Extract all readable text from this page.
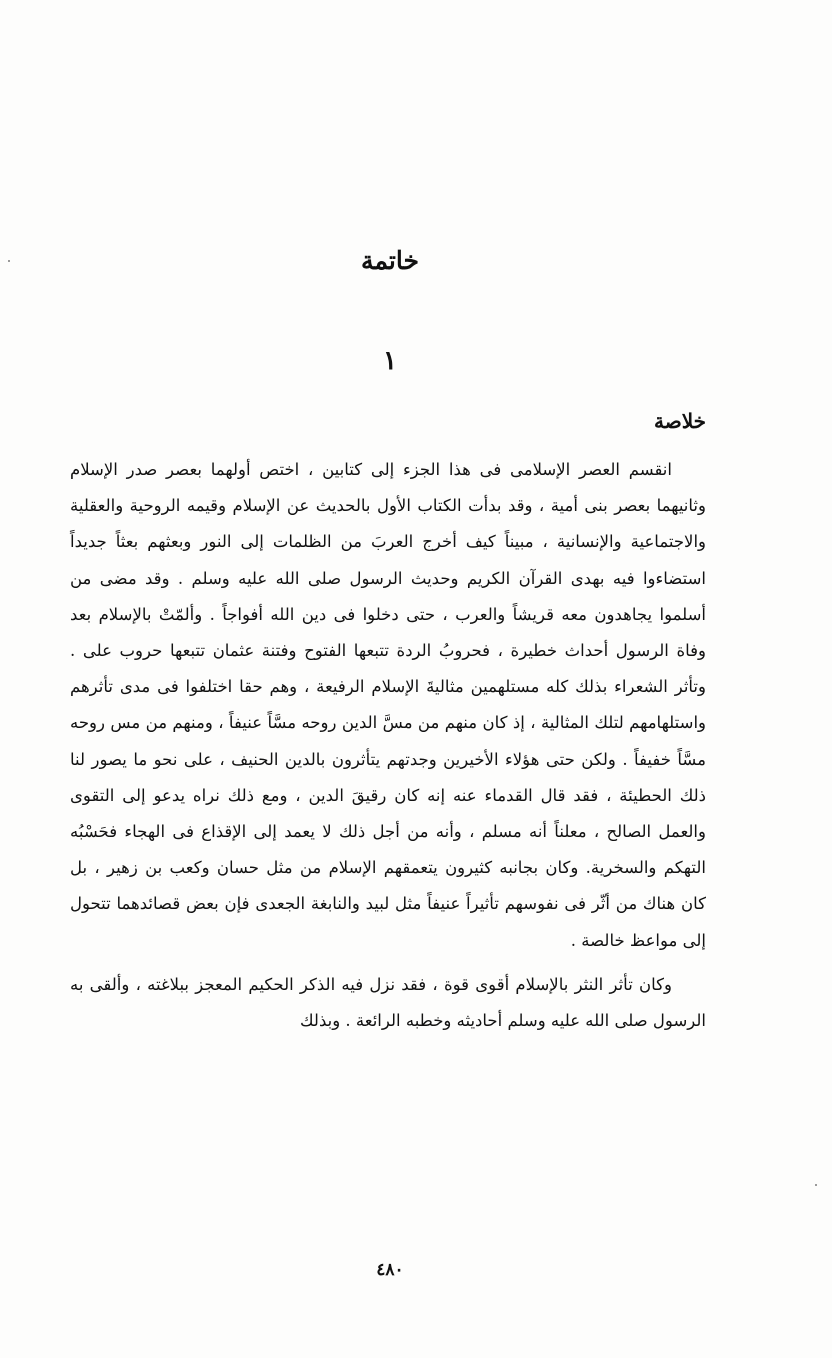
خاتمة
١
خلاصة

انقسم العصر الإسلامى فى هذا الجزء إلى كتابين ، اختص أولهما بعصر صدر الإسلام وثانيهما بعصر بنى أمية ، وقد بدأت الكتاب الأول بالحديث عن الإسلام وقيمه الروحية والعقلية والاجتماعية والإنسانية ، مبيناً كيف أخرج العربَ من الظلمات إلى النور وبعثهم بعثاً جديداً استضاءوا فيه بهدى القرآن الكريم وحديث الرسول صلى الله عليه وسلم . وقد مضى من أسلموا يجاهدون معه قريشاً والعرب ، حتى دخلوا فى دين الله أفواجاً . وألمّتْ بالإسلام بعد وفاة الرسول أحداث خطيرة ، فحروبُ الردة تتبعها الفتوح وفتنة عثمان تتبعها حروب على . وتأثر الشعراء بذلك كله مستلهمين مثاليةَ الإسلام الرفيعة ، وهم حقا اختلفوا فى مدى تأثرهم واستلهامهم لتلك المثالية ، إذ كان منهم من مسَّ الدين روحه مسَّاً عنيفاً ، ومنهم من مس روحه مسَّاً خفيفاً . ولكن حتى هؤلاء الأخيرين وجدتهم يتأثرون بالدين الحنيف ، على نحو ما يصور لنا ذلك الحطيئة ، فقد قال القدماء عنه إنه كان رقيقَ الدين ، ومع ذلك نراه يدعو إلى التقوى والعمل الصالح ، معلناً أنه مسلم ، وأنه من أجل ذلك لا يعمد إلى الإقذاع فى الهجاء فحَسْبُه التهكم والسخرية. وكان بجانبه كثيرون يتعمقهم الإسلام من مثل حسان وكعب بن زهير ، بل كان هناك من أثّر فى نفوسهم تأثيراً عنيفاً مثل لبيد والنابغة الجعدى فإن بعض قصائدهما تتحول إلى مواعظ خالصة .

وكان تأثر النثر بالإسلام أقوى قوة ، فقد نزل فيه الذكر الحكيم المعجز ببلاغته ، وألقى به الرسول صلى الله عليه وسلم أحاديثه وخطبه الرائعة . وبذلك

٤٨٠
